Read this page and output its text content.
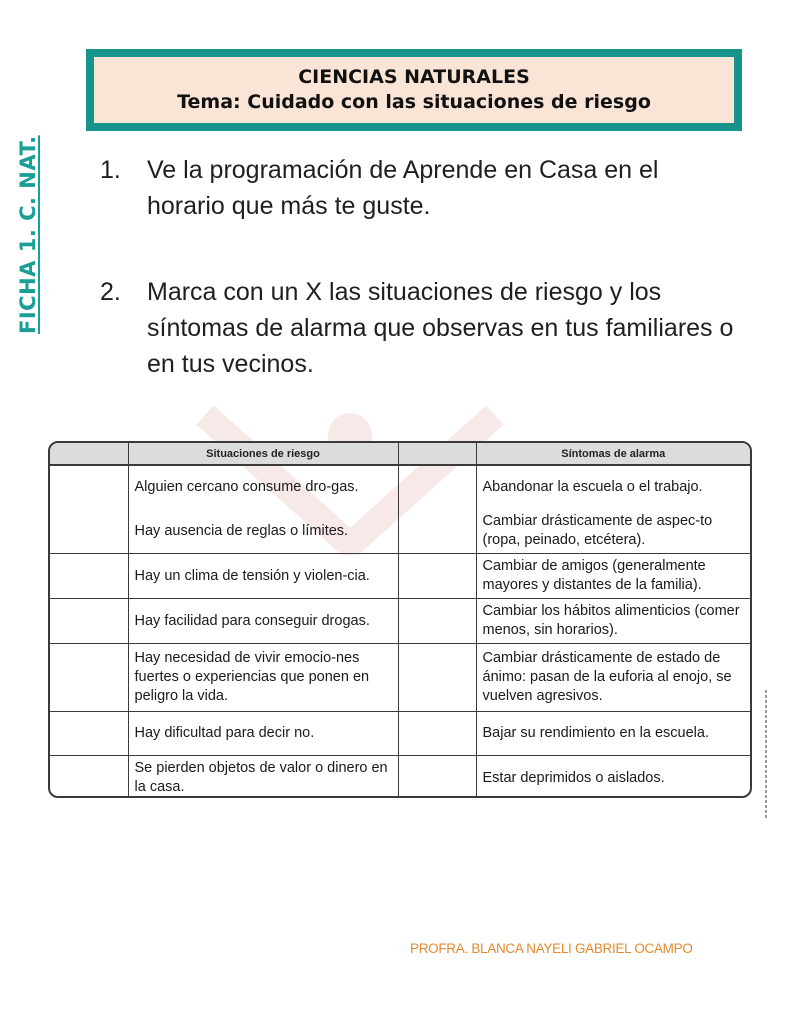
CIENCIAS NATURALES
Tema: Cuidado con las situaciones de riesgo
FICHA 1. C. NAT. 1.	Ve la programación de Aprende en Casa en el horario que más te guste.
2.	Marca con un X las situaciones de riesgo y los síntomas de alarma que observas en tus familiares o en tus vecinos.
	Situaciones de riesgo		Síntomas de alarma
	Alguien cercano consume dro-gas.		Abandonar la escuela o el trabajo.
	Hay ausencia de reglas o límites.		Cambiar drásticamente de aspec-to (ropa, peinado, etcétera).
	Hay un clima de tensión y violen-cia.		Cambiar de amigos (generalmente mayores y distantes de la familia).
	Hay facilidad para conseguir drogas.		Cambiar los hábitos alimenticios (comer menos, sin horarios).
	Hay necesidad de vivir emocio-nes fuertes o experiencias que ponen en peligro la vida.		Cambiar drásticamente de estado de ánimo: pasan de la euforia al enojo, se vuelven agresivos.
	Hay dificultad para decir no.		Bajar su rendimiento en la escuela.
	Se pierden objetos de valor o dinero en la casa.		Estar deprimidos o aislados.
PROFRA. BLANCA NAYELI GABRIEL OCAMPO
